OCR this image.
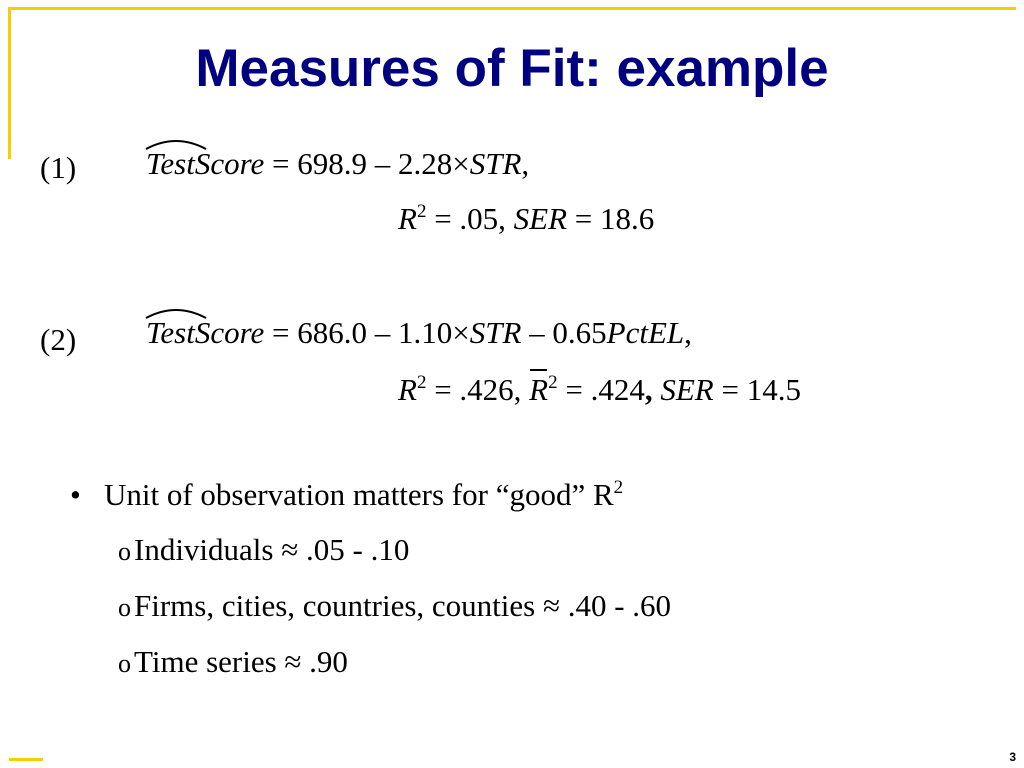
Measures of Fit: example
(1) TestScore = 698.9 – 2.28×STR,
$R^2 = .05$, SER = 18.6
(2) TestScore = 686.0 – 1.10×STR – 0.65PctEL,
$R^2 = .426$, $R^2 = .424$, SER = 14.5
• Unit of observation matters for “good” $R^2$
oIndividuals ≈ .05 - .10
oFirms, cities, countries, counties ≈ .40 - .60
oTime series ≈ .90
3
